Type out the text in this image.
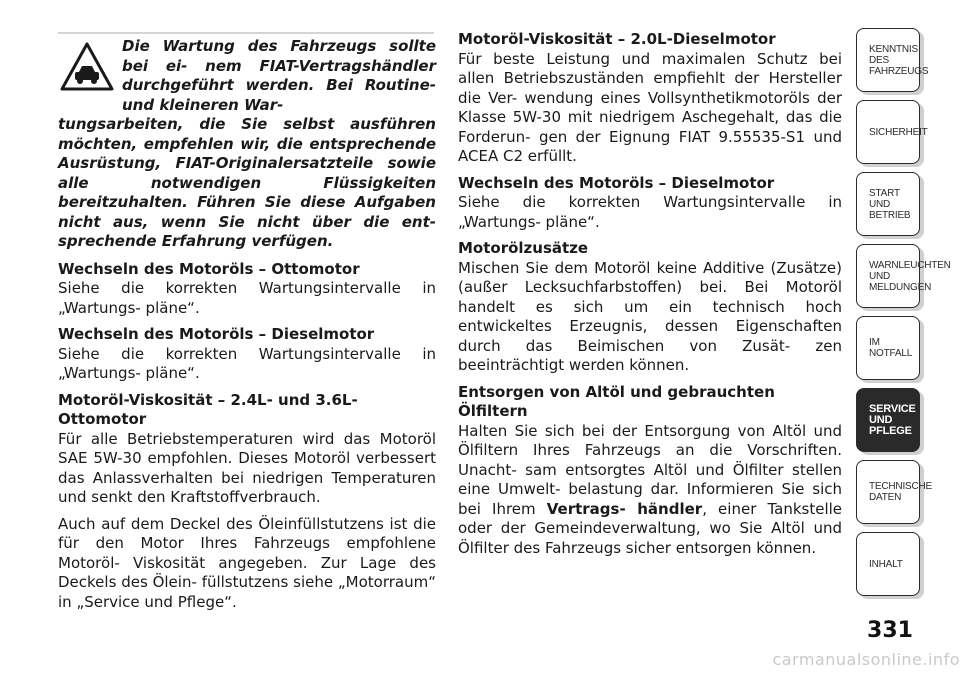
Die Wartung des Fahrzeugs sollte bei ei- nem FIAT-Vertragshändler durchgeführt werden. Bei Routine- und kleineren War-
tungsarbeiten, die Sie selbst ausführen möchten, empfehlen wir, die entsprechende Ausrüstung, FIAT-Originalersatzteile sowie alle notwendigen Flüssigkeiten bereitzuhalten. Führen Sie diese Aufgaben nicht aus, wenn Sie nicht über die ent- sprechende Erfahrung verfügen.
Wechseln des Motoröls – Ottomotor

Siehe die korrekten Wartungsintervalle in „Wartungs- pläne“.

Wechseln des Motoröls – Dieselmotor

Siehe die korrekten Wartungsintervalle in „Wartungs- pläne“.

Motoröl-Viskosität – 2.4L- und 3.6L-
Ottomotor

Für alle Betriebstemperaturen wird das Motoröl SAE 5W-30 empfohlen. Dieses Motoröl verbessert das Anlassverhalten bei niedrigen Temperaturen und senkt den Kraftstoffverbrauch.

Auch auf dem Deckel des Öleinfüllstutzens ist die für den Motor Ihres Fahrzeugs empfohlene Motoröl- Viskosität angegeben. Zur Lage des Deckels des Ölein- füllstutzens siehe „Motorraum“ in „Service und Pflege“.

Motoröl-Viskosität – 2.0L-Dieselmotor

Für beste Leistung und maximalen Schutz bei allen Betriebszuständen empfiehlt der Hersteller die Ver- wendung eines Vollsynthetikmotoröls der Klasse 5W-30 mit niedrigem Aschegehalt, das die Forderun- gen der Eignung FIAT 9.55535-S1 und ACEA C2 erfüllt.

Wechseln des Motoröls – Dieselmotor

Siehe die korrekten Wartungsintervalle in „Wartungs- pläne“.

Motorölzusätze

Mischen Sie dem Motoröl keine Additive (Zusätze) (außer Lecksuchfarbstoffen) bei. Bei Motoröl handelt es sich um ein technisch hoch entwickeltes Erzeugnis, dessen Eigenschaften durch das Beimischen von Zusät- zen beeinträchtigt werden können.

Entsorgen von Altöl und gebrauchten Ölfiltern

Halten Sie sich bei der Entsorgung von Altöl und Ölfiltern Ihres Fahrzeugs an die Vorschriften. Unacht- sam entsorgtes Altöl und Ölfilter stellen eine Umwelt- belastung dar. Informieren Sie sich bei Ihrem Vertrags- händler, einer Tankstelle oder der Gemeindeverwaltung, wo Sie Altöl und Ölfilter des Fahrzeugs sicher entsorgen können.

KENNTNIS
DES
FAHRZEUGS
SICHERHEIT
START UND
BETRIEB
WARNLEUCHTEN
UND
MELDUNGEN
IM NOTFALL
SERVICE
UND
PFLEGE
TECHNISCHE
DATEN
INHALT
331
carmanualsonline.info
